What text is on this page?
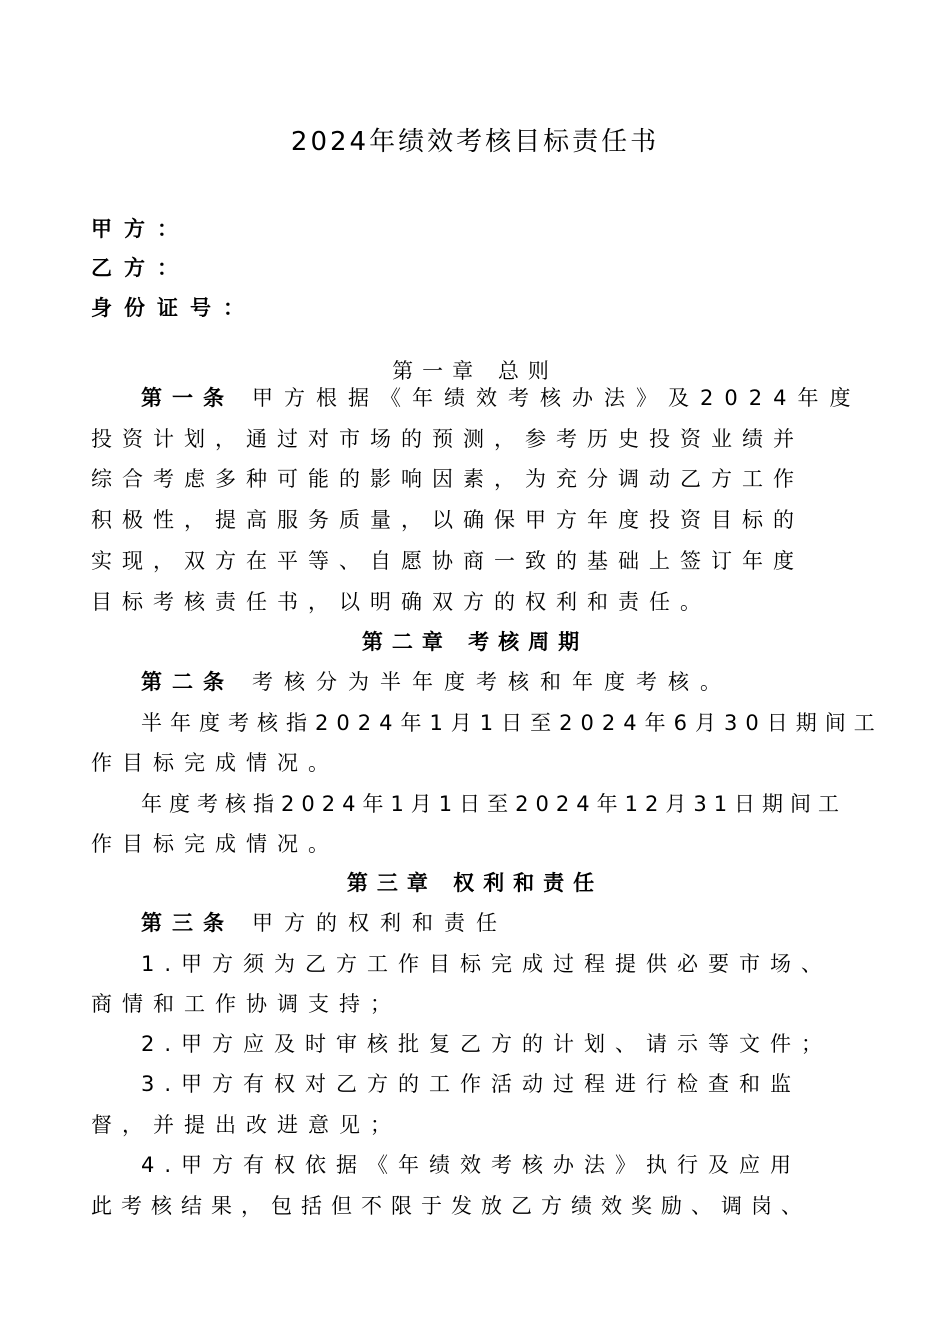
2024年绩效考核目标责任书
甲方：
乙方：
身份证号：
第一章 总则
第一条 甲方根据《年绩效考核办法》及2024年度
投资计划，通过对市场的预测，参考历史投资业绩并
综合考虑多种可能的影响因素，为充分调动乙方工作
积极性，提高服务质量，以确保甲方年度投资目标的
实现，双方在平等、自愿协商一致的基础上签订年度
目标考核责任书，以明确双方的权利和责任。
第二章 考核周期
第二条 考核分为半年度考核和年度考核。
半年度考核指2024年1月1日至2024年6月30日期间工
作目标完成情况。
年度考核指2024年1月1日至2024年12月31日期间工
作目标完成情况。
第三章 权利和责任
第三条 甲方的权利和责任
1.甲方须为乙方工作目标完成过程提供必要市场、
商情和工作协调支持；
2.甲方应及时审核批复乙方的计划、请示等文件；
3.甲方有权对乙方的工作活动过程进行检查和监
督，并提出改进意见；
4.甲方有权依据《年绩效考核办法》执行及应用
此考核结果，包括但不限于发放乙方绩效奖励、调岗、
